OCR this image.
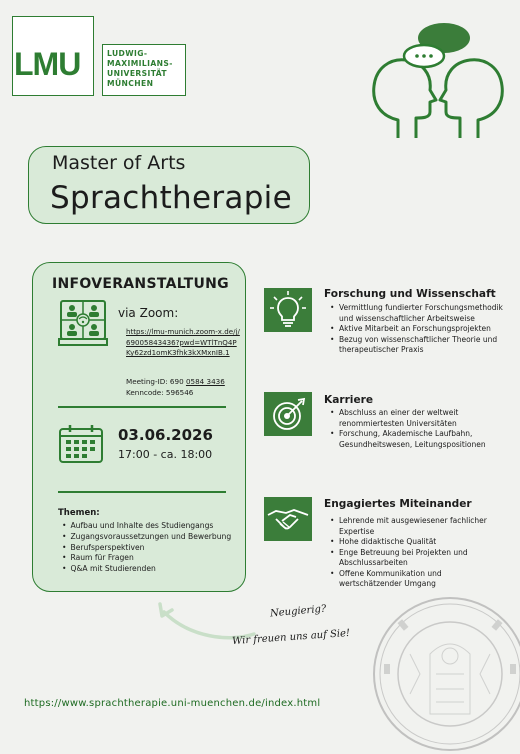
LMU	LUDWIG-
MAXIMILIANS-
UNIVERSITÄT
MÜNCHEN
Master of Arts
Sprachtherapie
INFOVERANSTALTUNG
via Zoom:
https://lmu-munich.zoom-x.de/j/69005843436?pwd=WTlTnQ4PKy62zd1omK3fhk3kXMxnIB.1
Meeting-ID: 690 0584 3436
Kenncode: 596546
03.06.2026
17:00 - ca. 18:00
Themen:
• Aufbau und Inhalte des Studiengangs
• Zugangsvoraussetzungen und Bewerbung
• Berufsperspektiven
• Raum für Fragen
• Q&A mit Studierenden
Forschung und Wissenschaft
• Vermittlung fundierter Forschungsmethodik und wissenschaftlicher Arbeitsweise
• Aktive Mitarbeit an Forschungsprojekten
• Bezug von wissenschaftlicher Theorie und therapeutischer Praxis
Karriere
• Abschluss an einer der weltweit renommiertesten Universitäten
• Forschung, Akademische Laufbahn, Gesundheitswesen, Leitungspositionen
Engagiertes Miteinander
• Lehrende mit ausgewiesener fachlicher Expertise
• Hohe didaktische Qualität
• Enge Betreuung bei Projekten und Abschlussarbeiten
• Offene Kommunikation und wertschätzender Umgang
Neugierig?
Wir freuen uns auf Sie!
https://www.sprachtherapie.uni-muenchen.de/index.html
